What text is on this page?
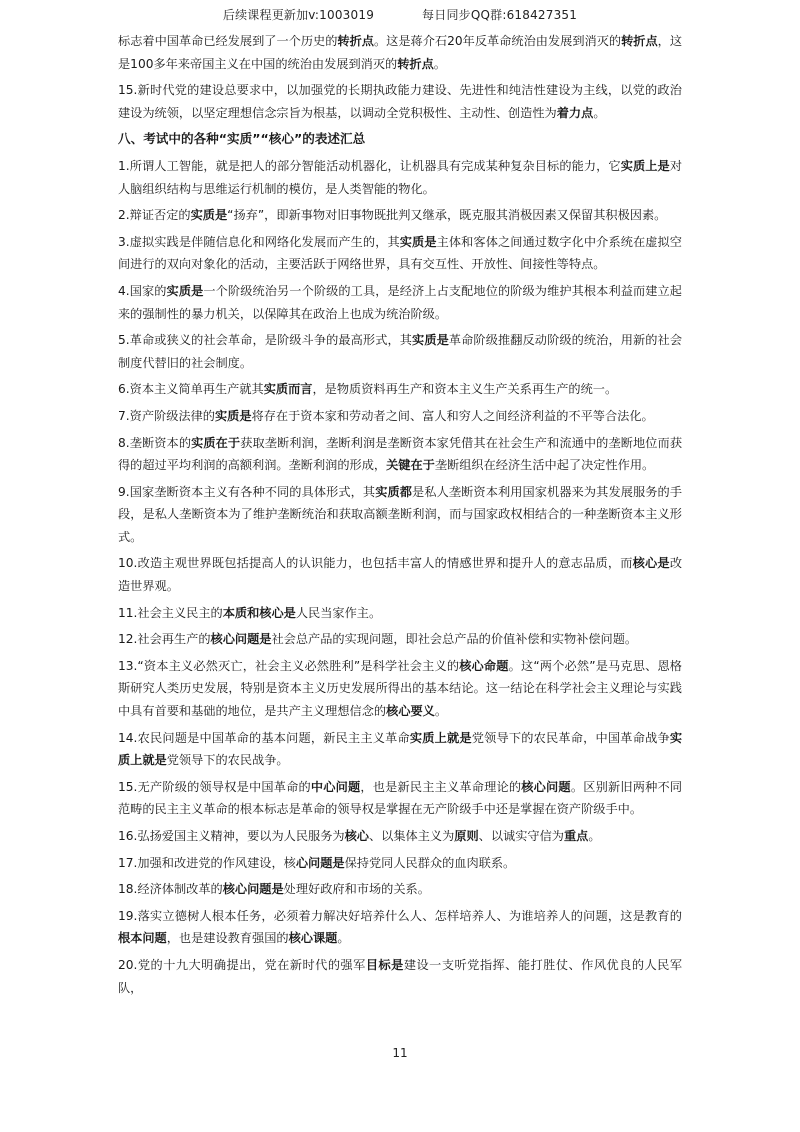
后续课程更新加v:1003019	每日同步QQ群:618427351

标志着中国革命已经发展到了一个历史的转折点。这是蒋介石20年反革命统治由发展到消灭的转折点，这是100多年来帝国主义在中国的统治由发展到消灭的转折点。

15.新时代党的建设总要求中，以加强党的长期执政能力建设、先进性和纯洁性建设为主线，以党的政治建设为统领，以坚定理想信念宗旨为根基，以调动全党积极性、主动性、创造性为着力点。

八、考试中的各种“实质”“核心”的表述汇总

1.所谓人工智能，就是把人的部分智能活动机器化，让机器具有完成某种复杂目标的能力，它实质上是对人脑组织结构与思维运行机制的模仿，是人类智能的物化。

2.辩证否定的实质是“扬弃”，即新事物对旧事物既批判又继承，既克服其消极因素又保留其积极因素。

3.虚拟实践是伴随信息化和网络化发展而产生的，其实质是主体和客体之间通过数字化中介系统在虚拟空间进行的双向对象化的活动，主要活跃于网络世界，具有交互性、开放性、间接性等特点。

4.国家的实质是一个阶级统治另一个阶级的工具，是经济上占支配地位的阶级为维护其根本利益而建立起来的强制性的暴力机关，以保障其在政治上也成为统治阶级。

5.革命或狭义的社会革命，是阶级斗争的最高形式，其实质是革命阶级推翻反动阶级的统治，用新的社会制度代替旧的社会制度。

6.资本主义简单再生产就其实质而言，是物质资料再生产和资本主义生产关系再生产的统一。

7.资产阶级法律的实质是将存在于资本家和劳动者之间、富人和穷人之间经济利益的不平等合法化。

8.垄断资本的实质在于获取垄断利润，垄断利润是垄断资本家凭借其在社会生产和流通中的垄断地位而获得的超过平均利润的高额利润。垄断利润的形成，关键在于垄断组织在经济生活中起了决定性作用。

9.国家垄断资本主义有各种不同的具体形式，其实质都是私人垄断资本利用国家机器来为其发展服务的手段，是私人垄断资本为了维护垄断统治和获取高额垄断利润，而与国家政权相结合的一种垄断资本主义形式。

10.改造主观世界既包括提高人的认识能力，也包括丰富人的情感世界和提升人的意志品质，而核心是改造世界观。

11.社会主义民主的本质和核心是人民当家作主。

12.社会再生产的核心问题是社会总产品的实现问题，即社会总产品的价值补偿和实物补偿问题。

13.“资本主义必然灭亡，社会主义必然胜利”是科学社会主义的核心命题。这“两个必然”是马克思、恩格斯研究人类历史发展，特别是资本主义历史发展所得出的基本结论。这一结论在科学社会主义理论与实践中具有首要和基础的地位，是共产主义理想信念的核心要义。

14.农民问题是中国革命的基本问题，新民主主义革命实质上就是党领导下的农民革命，中国革命战争实质上就是党领导下的农民战争。

15.无产阶级的领导权是中国革命的中心问题，也是新民主主义革命理论的核心问题。区别新旧两种不同范畴的民主主义革命的根本标志是革命的领导权是掌握在无产阶级手中还是掌握在资产阶级手中。

16.弘扬爱国主义精神，要以为人民服务为核心、以集体主义为原则、以诚实守信为重点。

17.加强和改进党的作风建设，核心问题是保持党同人民群众的血肉联系。

18.经济体制改革的核心问题是处理好政府和市场的关系。

19.落实立德树人根本任务，必须着力解决好培养什么人、怎样培养人、为谁培养人的问题，这是教育的根本问题，也是建设教育强国的核心课题。

20.党的十九大明确提出，党在新时代的强军目标是建设一支听党指挥、能打胜仗、作风优良的人民军队，

11
